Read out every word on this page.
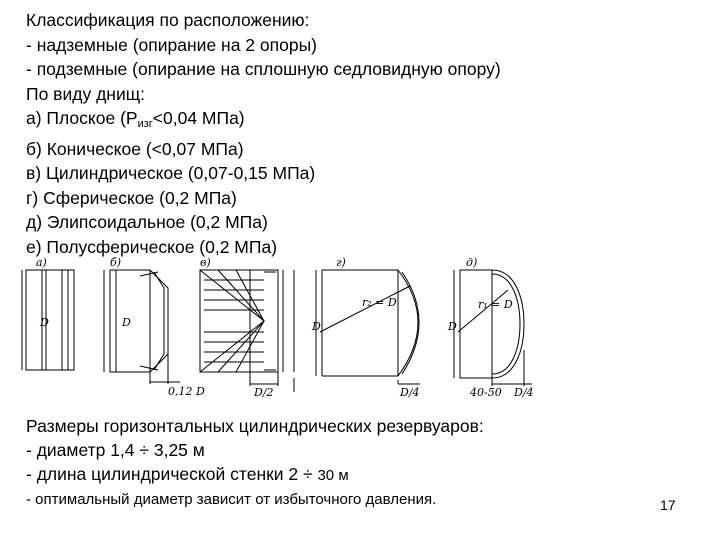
Классификация по расположению:
- надземные (опирание на 2 опоры)
- подземные (опирание на сплошную седловидную опору)
По виду днищ:
а) Плоское ($Р_{изг}<0,04$ МПа)
б) Коническое (<0,07 МПа)
в) Цилиндрическое (0,07-0,15 МПа)
г) Сферическое (0,2 МПа)
д) Элипсоидальное (0,2 МПа)
е) Полусферическое (0,2 МПа)
а)	б)	в)	г)	д)
D	D
0,12 D	D/2
D
r₂ = D
D/4
D
r₁ = D
40-50 D/4
Размеры горизонтальных цилиндрических резервуаров:
- диаметр 1,4 ÷ 3,25 м
- длина цилиндрической стенки 2 ÷ 30 м
- оптимальный диаметр зависит от избыточного давления.	17
